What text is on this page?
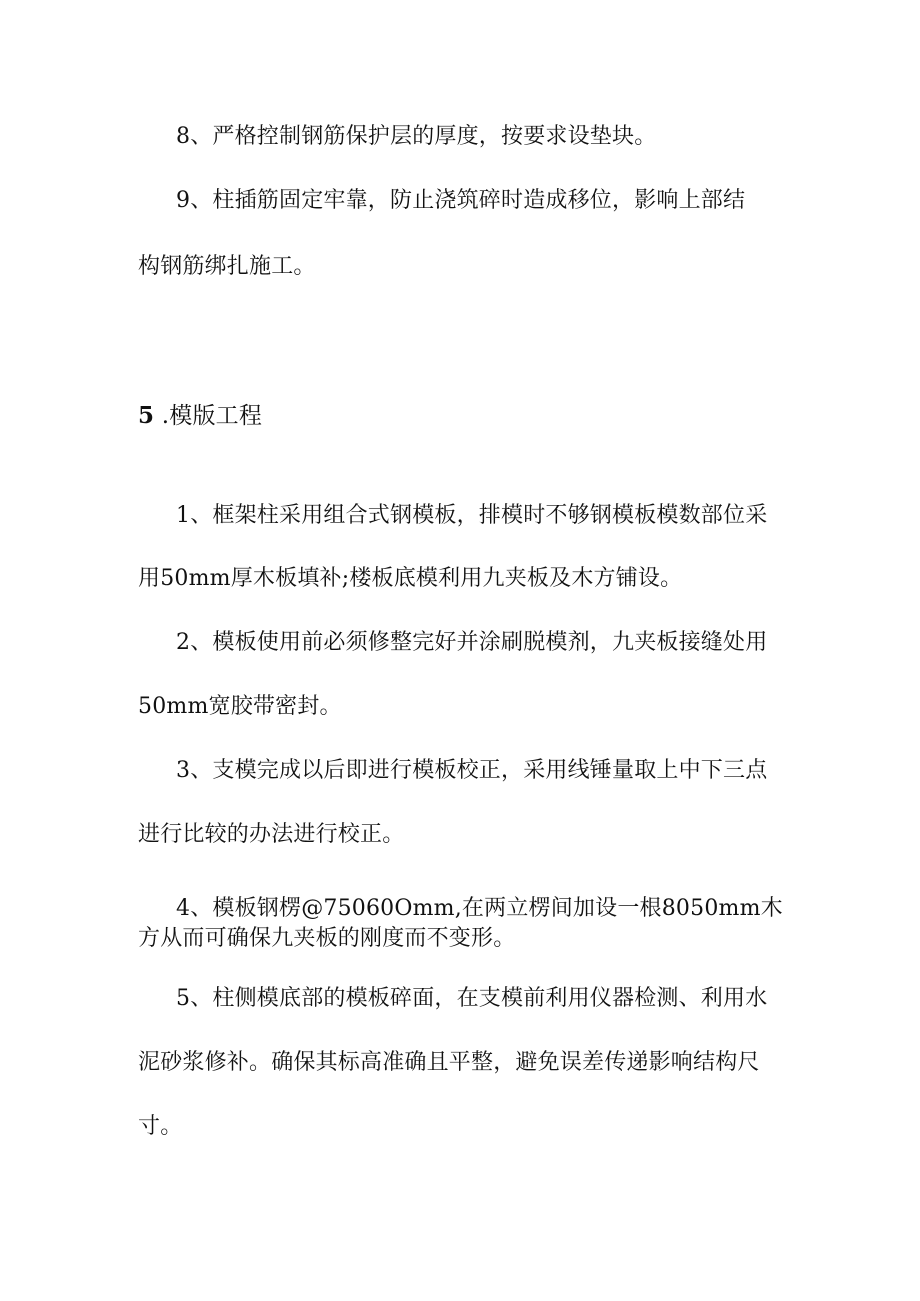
8、严格控制钢筋保护层的厚度，按要求设垫块。
9、柱插筋固定牢靠，防止浇筑碎时造成移位，影响上部结
构钢筋绑扎施工。
5 .模版工程
1、框架柱采用组合式钢模板，排模时不够钢模板模数部位采
用50mm厚木板填补;楼板底模利用九夹板及木方铺设。
2、模板使用前必须修整完好并涂刷脱模剂，九夹板接缝处用
50mm宽胶带密封。
3、支模完成以后即进行模板校正，采用线锤量取上中下三点
进行比较的办法进行校正。
4、模板钢楞@75060Omm,在两立楞间加设一根8050mm木
方从而可确保九夹板的刚度而不变形。
5、柱侧模底部的模板碎面，在支模前利用仪器检测、利用水
泥砂浆修补。确保其标高准确且平整，避免误差传递影响结构尺
寸。
